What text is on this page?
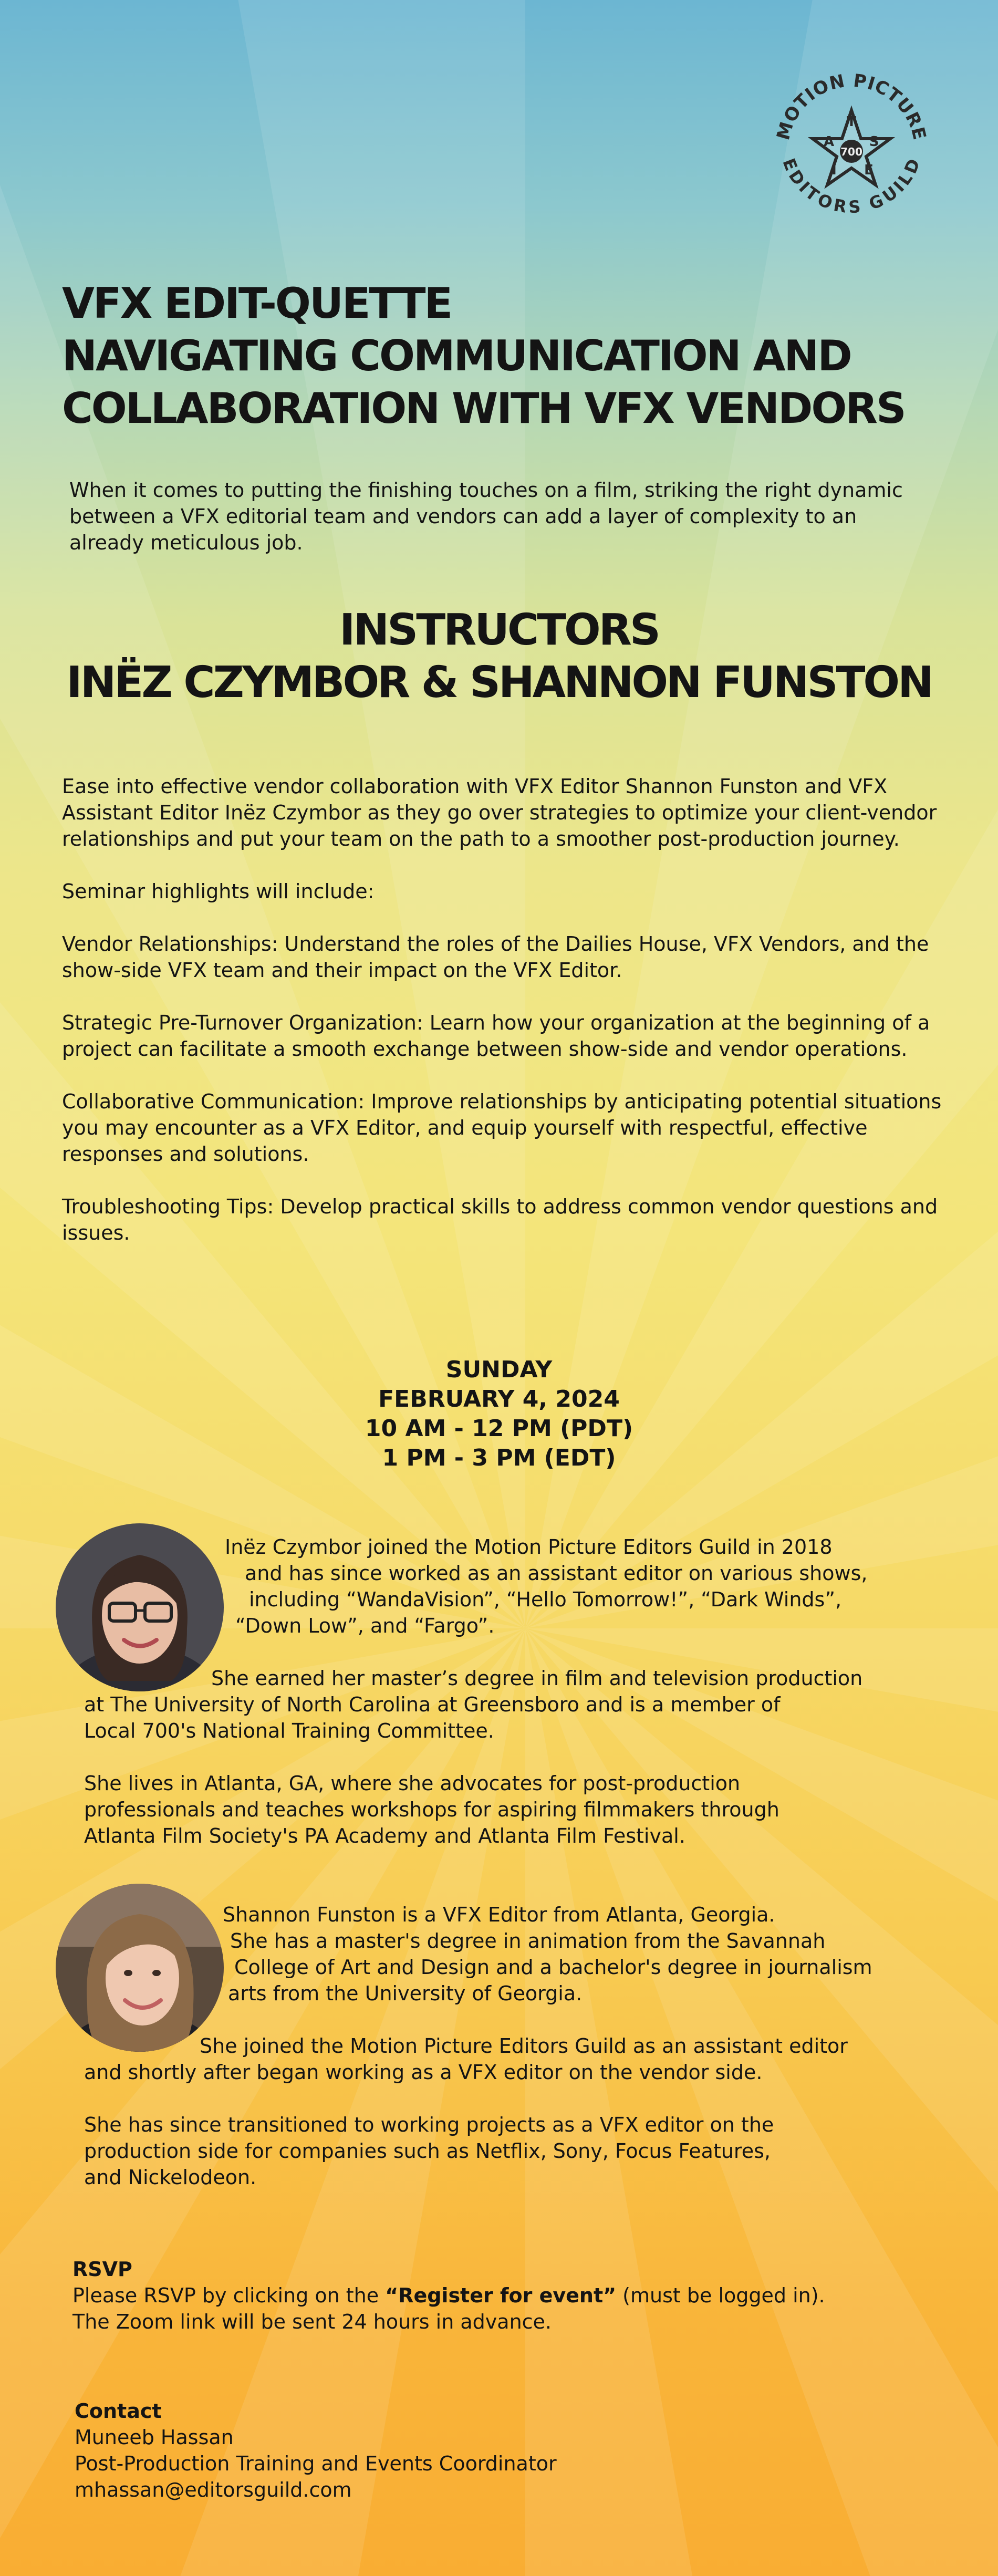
MOTION PICTURE
EDITORS GUILD
700
T
A	S
I E
VFX EDIT-QUETTE
NAVIGATING COMMUNICATION AND
COLLABORATION WITH VFX VENDORS
When it comes to putting the finishing touches on a film, striking the right dynamic between a VFX editorial team and vendors can add a layer of complexity to an already meticulous job.
INSTRUCTORS
INËZ CZYMBOR & SHANNON FUNSTON

Ease into effective vendor collaboration with VFX Editor Shannon Funston and VFX Assistant Editor Inëz Czymbor as they go over strategies to optimize your client-vendor relationships and put your team on the path to a smoother post-production journey.

Seminar highlights will include:

Vendor Relationships: Understand the roles of the Dailies House, VFX Vendors, and the show-side VFX team and their impact on the VFX Editor.

Strategic Pre-Turnover Organization: Learn how your organization at the beginning of a project can facilitate a smooth exchange between show-side and vendor operations.

Collaborative Communication: Improve relationships by anticipating potential situations you may encounter as a VFX Editor, and equip yourself with respectful, effective responses and solutions.

Troubleshooting Tips: Develop practical skills to address common vendor questions and issues.

SUNDAY
FEBRUARY 4, 2024
10 AM - 12 PM (PDT)
1 PM - 3 PM (EDT)
Inëz Czymbor joined the Motion Picture Editors Guild in 2018
and has since worked as an assistant editor on various shows,
including “WandaVision”, “Hello Tomorrow!”, “Dark Winds”,
“Down Low”, and “Fargo”.
She earned her master’s degree in film and television production
at The University of North Carolina at Greensboro and is a member of
Local 700's National Training Committee.
She lives in Atlanta, GA, where she advocates for post-production
professionals and teaches workshops for aspiring filmmakers through
Atlanta Film Society's PA Academy and Atlanta Film Festival.
Shannon Funston is a VFX Editor from Atlanta, Georgia.
She has a master's degree in animation from the Savannah
College of Art and Design and a bachelor's degree in journalism
arts from the University of Georgia.
She joined the Motion Picture Editors Guild as an assistant editor
and shortly after began working as a VFX editor on the vendor side.
She has since transitioned to working projects as a VFX editor on the
production side for companies such as Netflix, Sony, Focus Features,
and Nickelodeon.
RSVP
Please RSVP by clicking on the “Register for event” (must be logged in).
The Zoom link will be sent 24 hours in advance.
Contact
Muneeb Hassan
Post-Production Training and Events Coordinator
mhassan@editorsguild.com
